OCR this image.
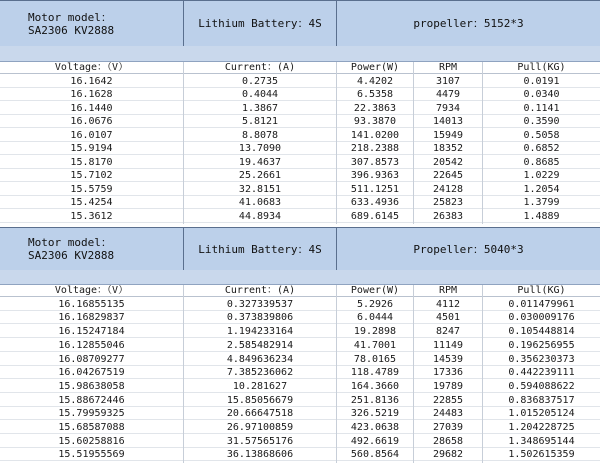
Motor model：
SA2306 KV2888	Lithium Battery：4S	propeller：5152*3
Voltage：（V）	Current：(A)	Power(W)	RPM	Pull(KG)
16.1642	0.2735	4.4202	3107	0.0191
16.1628	0.4044	6.5358	4479	0.0340
16.1440	1.3867	22.3863	7934	0.1141
16.0676	5.8121	93.3870	14013	0.3590
16.0107	8.8078	141.0200	15949	0.5058
15.9194	13.7090	218.2388	18352	0.6852
15.8170	19.4637	307.8573	20542	0.8685
15.7102	25.2661	396.9363	22645	1.0229
15.5759	32.8151	511.1251	24128	1.2054
15.4254	41.0683	633.4936	25823	1.3799
15.3612	44.8934	689.6145	26383	1.4889
Motor model：
SA2306 KV2888	Lithium Battery：4S	Propeller：5040*3
Voltage：（V）	Current：(A)	Power(W)	RPM	Pull(KG)
16.16855135	0.327339537	5.2926	4112	0.011479961
16.16829837	0.373839806	6.0444	4501	0.030009176
16.15247184	1.194233164	19.2898	8247	0.105448814
16.12855046	2.585482914	41.7001	11149	0.196256955
16.08709277	4.849636234	78.0165	14539	0.356230373
16.04267519	7.385236062	118.4789	17336	0.442239111
15.98638058	10.281627	164.3660	19789	0.594088622
15.88672446	15.85056679	251.8136	22855	0.836837517
15.79959325	20.66647518	326.5219	24483	1.015205124
15.68587088	26.97100859	423.0638	27039	1.204228725
15.60258816	31.57565176	492.6619	28658	1.348695144
15.51955569	36.13868606	560.8564	29682	1.502615359
